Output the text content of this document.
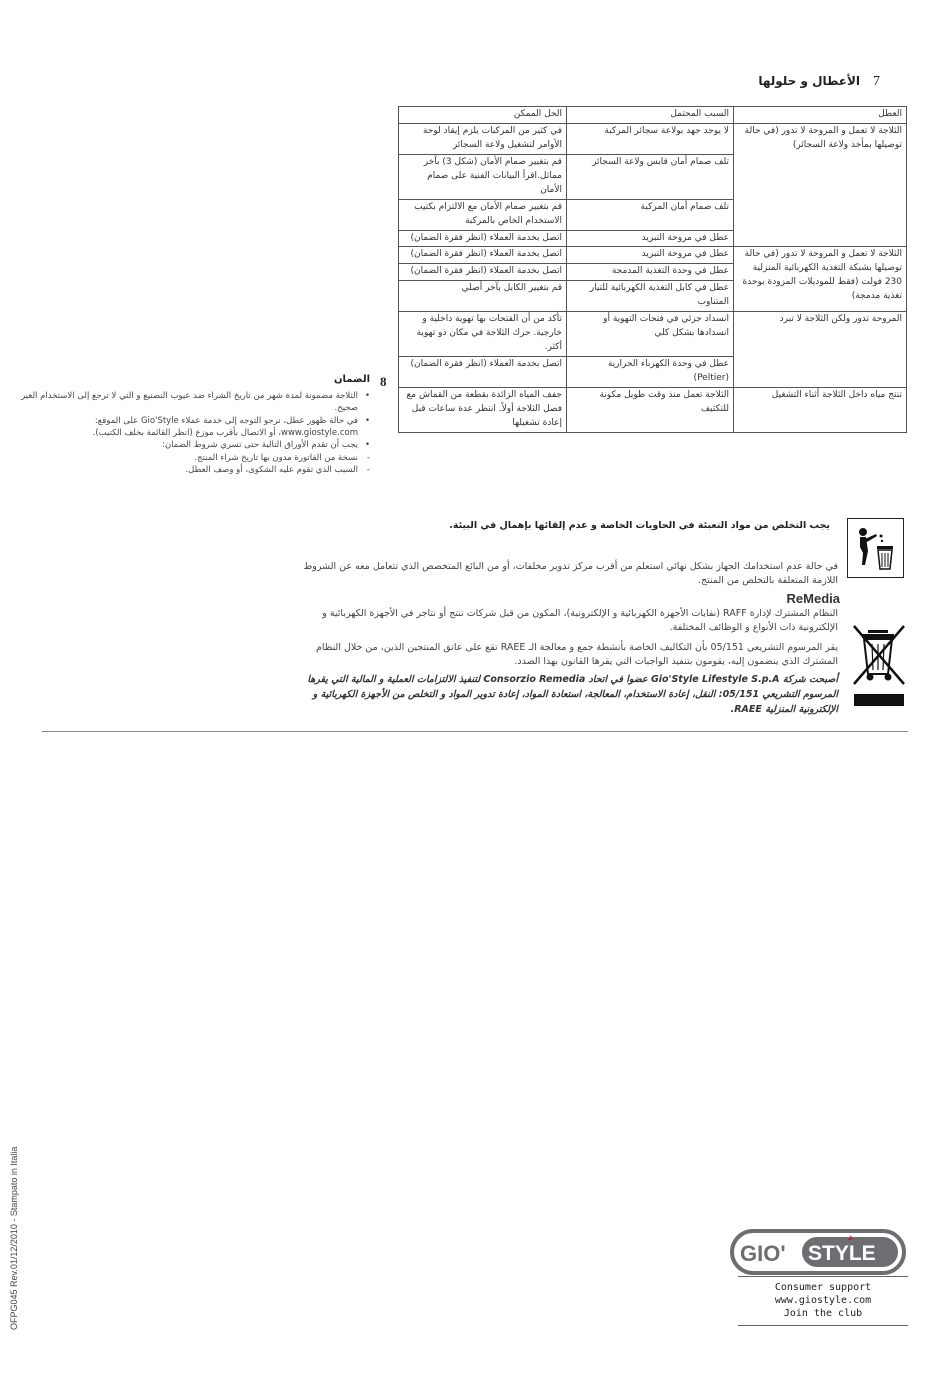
7
الأعطال و حلولها
العطل	السبب المحتمل	الحل الممكن
الثلاجة لا تعمل و المروحة لا تدور (في حالة توصيلها بمأخذ ولاعة السجائر)	لا يوجد جهد بولاعة سجائر المركبة	في كثير من المركبات يلزم إيقاد لوحة الأوامر لتشغيل ولاعة السجائر
	تلف صمام أمان قابس ولاعة السجائر	قم بتغيير صمام الأمان (شكل 3) بآخر مماثل.اقرأ البيانات الفنية على صمام الأمان
	تلف صمام أمان المركبة	قم بتغيير صمام الأمان مع الالتزام بكتيب الاستخدام الخاص بالمركبة
	عطل في مروحة التبريد	اتصل بخدمة العملاء (انظر فقرة الضمان)
الثلاجة لا تعمل و المروحة لا تدور (في حالة توصيلها بشبكة التغذية الكهربائية المنزلية 230 فولت (فقط للموديلات المزودة بوحدة تغذية مدمجة)	عطل في مروحة التبريد	اتصل بخدمة العملاء (انظر فقرة الضمان)
	عطل في وحدة التغذية المدمجة	اتصل بخدمة العملاء (انظر فقرة الضمان)
	عطل في كابل التغذية الكهربائية للتيار المتناوب	قم بتغيير الكابل بآخر أصلي
المروحة تدور ولكن الثلاجة لا تبرد	انسداد جزئي في فتحات التهوية أو انسدادها بشكل كلي	تأكد من أن الفتحات بها تهوية داخلية و خارجية. حرك الثلاجة في مكان ذو تهوية أكثر.
	عطل في وحدة الكهرباء الحرارية (Peltier)	اتصل بخدمة العملاء (انظر فقرة الضمان)
تنتج مياه داخل الثلاجة أثناء التشغيل	الثلاجة تعمل منذ وقت طويل مكونة للتكثيف	جفف المياه الزائدة بقطعة من القماش مع فصل الثلاجة أولاً. انتظر عدة ساعات قبل إعادة تشغيلها
8
الضمان
•
الثلاجة مضمونة لمدة شهر من تاريخ الشراء ضد عيوب التصنيع و التي لا ترجع إلى الاستخدام الغير صحيح.
•
في حالة ظهور عطل، نرجو التوجه إلى خدمة عملاء Gio'Style على الموقع: www.giostyle.com، أو الاتصال بأقرب موزع (انظر القائمة بخلف الكتيب).
•
يجب أن تقدم الأوراق التالية حتى تسري شروط الضمان:
-
نسخة من الفاتورة مدون بها تاريخ شراء المنتج.
-
السبب الذي تقوم عليه الشكوى، أو وصف العطل.
يجب التخلص من مواد التعبئة في الحاويات الخاصة و عدم إلقائها بإهمال في البيئة.
في حالة عدم استخدامك الجهاز بشكل نهائي استعلم من أقرب مركز تدوير مخلفات، أو من البائع المتخصص الذي تتعامل معه عن الشروط اللازمة المتعلقة بالتخلص من المنتج.
ReMedia
النظام المشترك لإدارة RAFF (نفايات الأجهزة الكهربائية و الإلكترونية)، المكون من قبل شركات تنتج أو تتاجر في الأجهزة الكهربائية و الإلكترونية ذات الأنواع و الوظائف المختلفة.
يقر المرسوم التشريعي 05/151 بأن التكاليف الخاصة بأنشطة جمع و معالجة الـ RAEE تقع على عاتق المنتجين الذين، من خلال النظام المشترك الذي ينضمون إليه، يقومون بتنفيذ الواجبات التي يقرها القانون بهذا الصدد.
أصبحت شركة Gio'Style Lifestyle S.p.A عضوا في اتحاد Consorzio Remedia لتنفيذ الالتزامات العملية و المالية التي يقرها المرسوم التشريعي 05/151: النقل، إعادة الاستخدام، المعالجة، استعادة المواد، إعادة تدوير المواد و التخلص من الأجهزة الكهربائية و الإلكترونية المنزلية RAEE.
OFPG045 Rev.01/12/2010 - Stampato in Italia	GIO' STYLE
Consumer support
www.giostyle.com
Join the club
